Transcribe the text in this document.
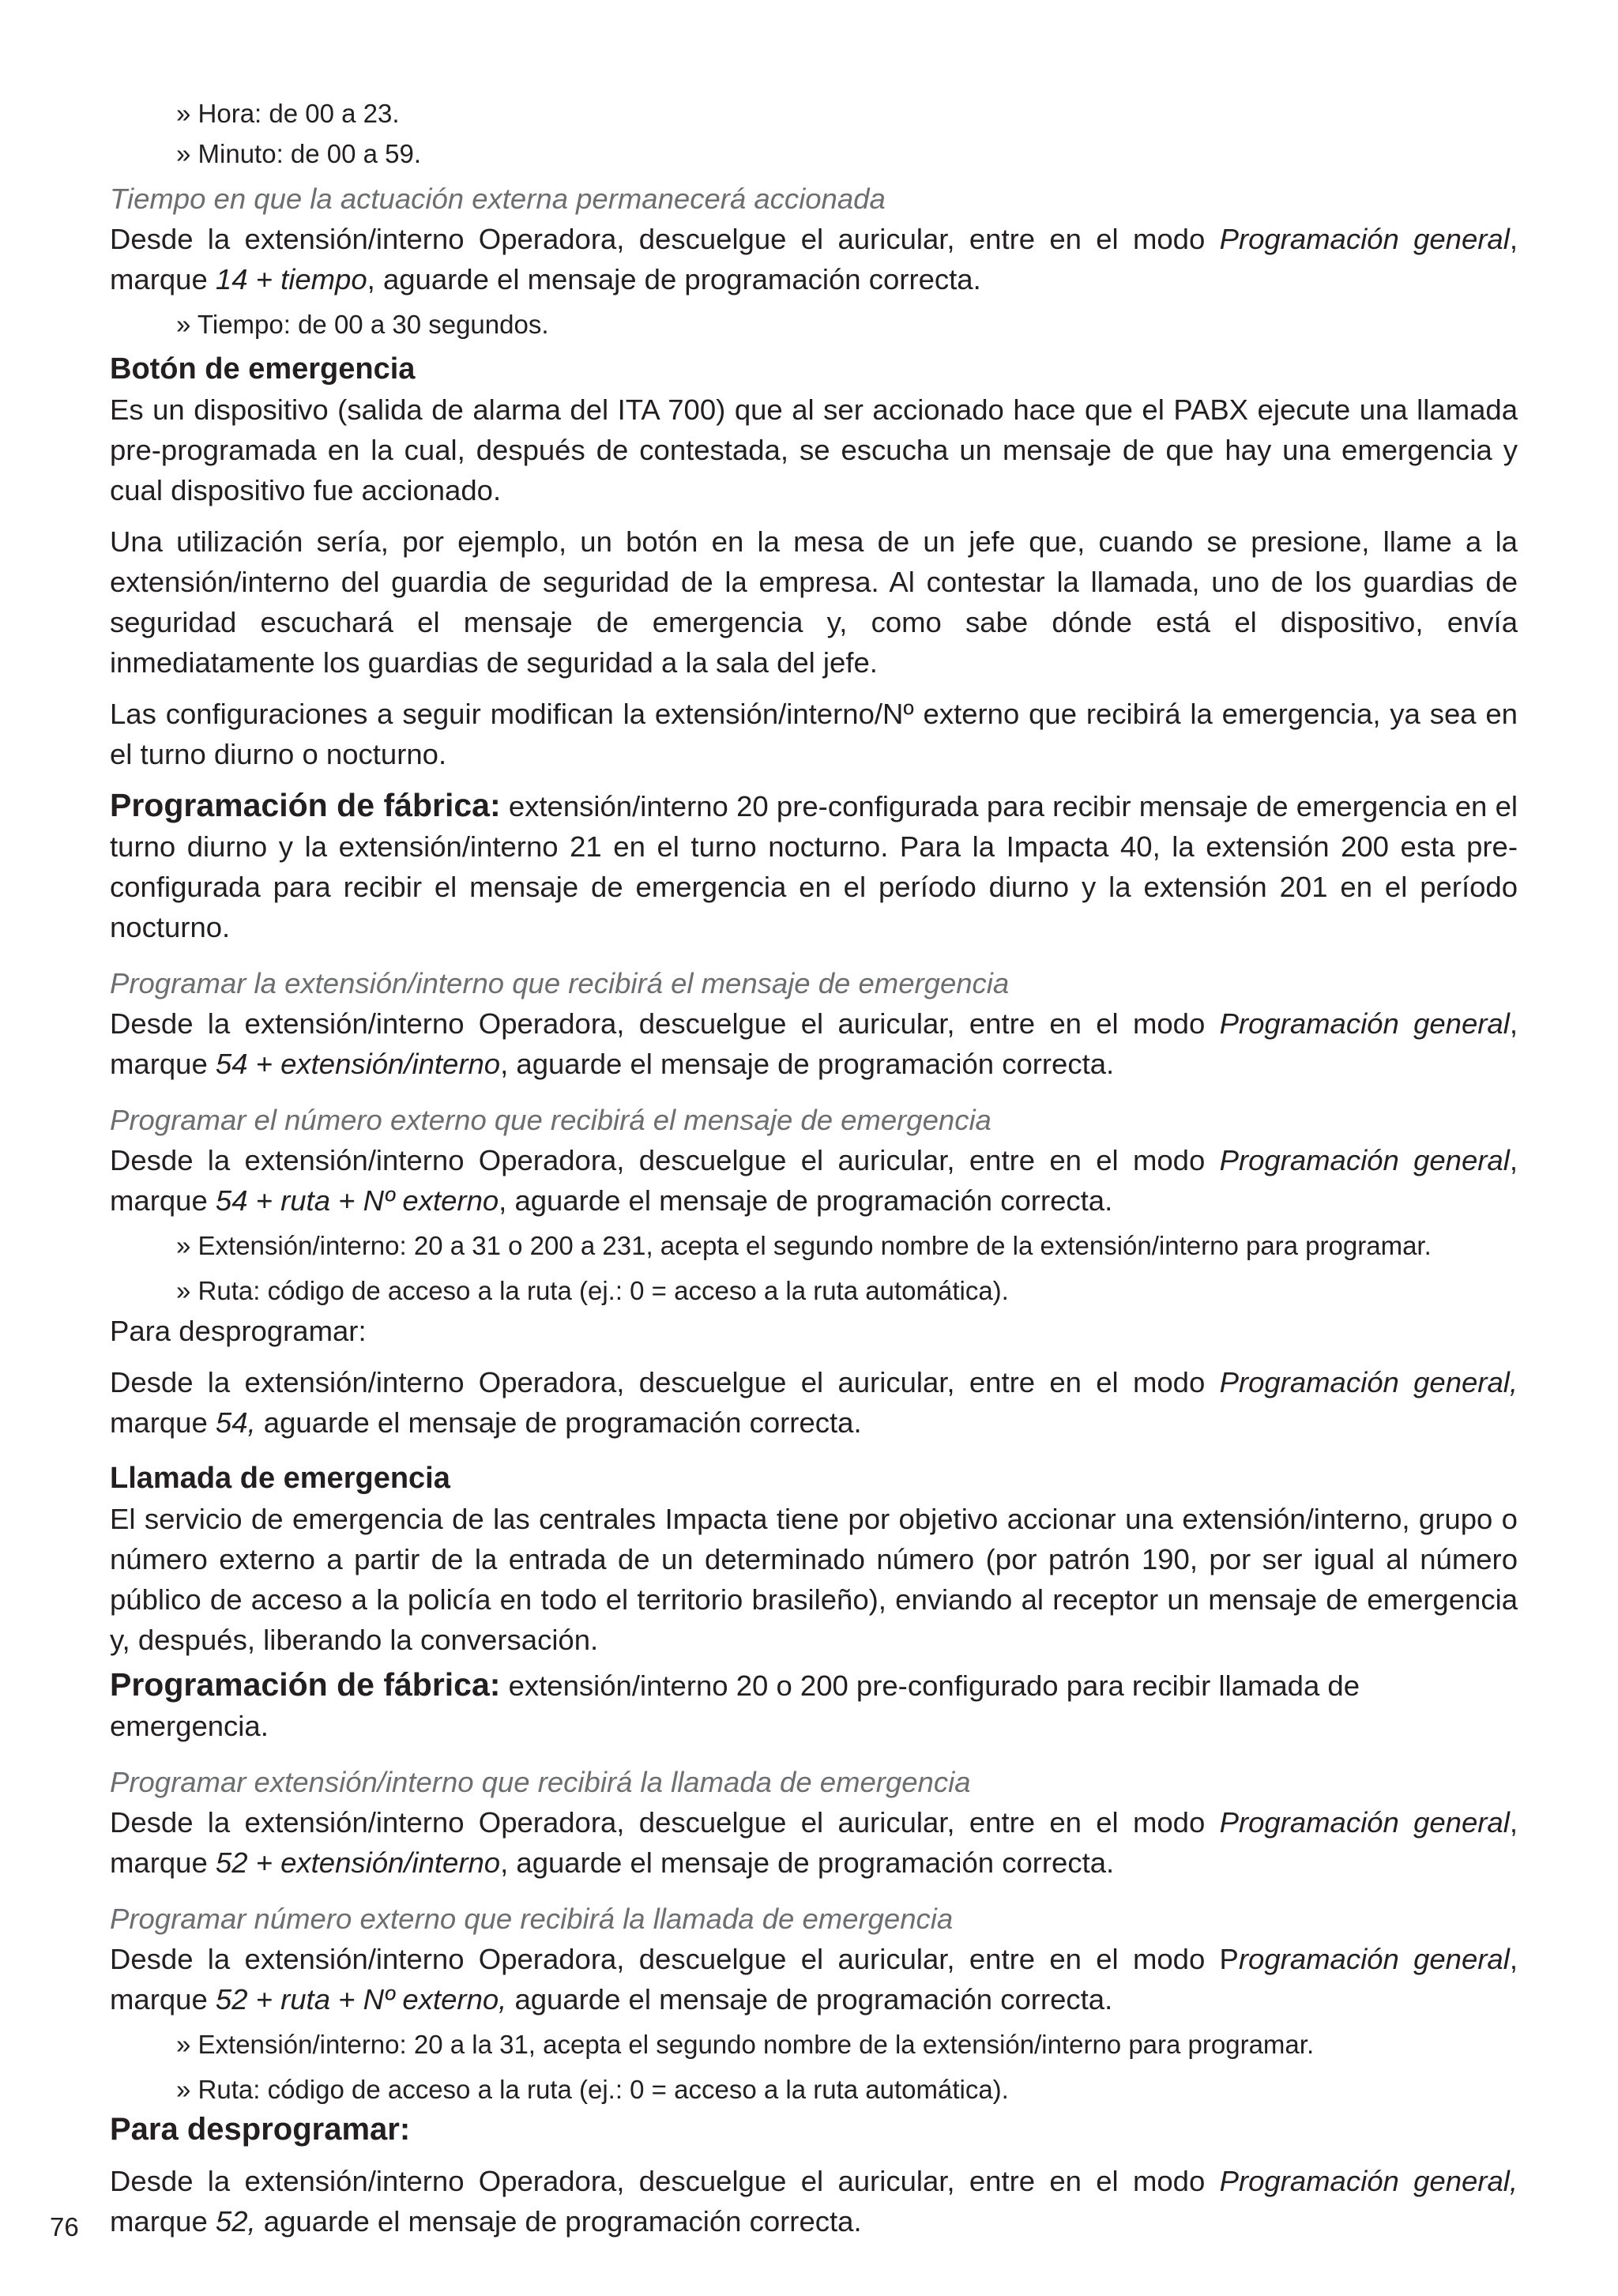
» Hora: de 00 a 23.

» Minuto: de 00 a 59.

Tiempo en que la actuación externa permanecerá accionada

Desde la extensión/interno Operadora, descuelgue el auricular, entre en el modo Programación general, marque 14 + tiempo, aguarde el mensaje de programación correcta.

» Tiempo: de 00 a 30 segundos.

Botón de emergencia

Es un dispositivo (salida de alarma del ITA 700) que al ser accionado hace que el PABX ejecute una llamada pre-programada en la cual, después de contestada, se escucha un mensaje de que hay una emergencia y cual dispositivo fue accionado.

Una utilización sería, por ejemplo, un botón en la mesa de un jefe que, cuando se presione, llame a la extensión/interno del guardia de seguridad de la empresa. Al contestar la llamada, uno de los guardias de seguridad escuchará el mensaje de emergencia y, como sabe dónde está el dispositivo, envía inmediatamente los guardias de seguridad a la sala del jefe.

Las configuraciones a seguir modifican la extensión/interno/Nº externo que recibirá la emergencia, ya sea en el turno diurno o nocturno.

Programación de fábrica: extensión/interno 20 pre-configurada para recibir mensaje de emergencia en el turno diurno y la extensión/interno 21 en el turno nocturno. Para la Impacta 40, la extensión 200 esta pre-configurada para recibir el mensaje de emergencia en el período diurno y la extensión 201 en el período nocturno.

Programar la extensión/interno que recibirá el mensaje de emergencia

Desde la extensión/interno Operadora, descuelgue el auricular, entre en el modo Programación general, marque 54 + extensión/interno, aguarde el mensaje de programación correcta.

Programar el número externo que recibirá el mensaje de emergencia

Desde la extensión/interno Operadora, descuelgue el auricular, entre en el modo Programación general, marque 54 + ruta + Nº externo, aguarde el mensaje de programación correcta.

» Extensión/interno: 20 a 31 o 200 a 231, acepta el segundo nombre de la extensión/interno para programar.

» Ruta: código de acceso a la ruta (ej.: 0 = acceso a la ruta automática).

Para desprogramar:

Desde la extensión/interno Operadora, descuelgue el auricular, entre en el modo Programación general, marque 54, aguarde el mensaje de programación correcta.

Llamada de emergencia

El servicio de emergencia de las centrales Impacta tiene por objetivo accionar una extensión/interno, grupo o número externo a partir de la entrada de un determinado número (por patrón 190, por ser igual al número público de acceso a la policía en todo el territorio brasileño), enviando al receptor un mensaje de emergencia y, después, liberando la conversación.

Programación de fábrica: extensión/interno 20 o 200 pre-configurado para recibir llamada de emergencia.

Programar extensión/interno que recibirá la llamada de emergencia

Desde la extensión/interno Operadora, descuelgue el auricular, entre en el modo Programación general, marque 52 + extensión/interno, aguarde el mensaje de programación correcta.

Programar número externo que recibirá la llamada de emergencia

Desde la extensión/interno Operadora, descuelgue el auricular, entre en el modo Programación general, marque 52 + ruta + Nº externo, aguarde el mensaje de programación correcta.

» Extensión/interno: 20 a la 31, acepta el segundo nombre de la extensión/interno para programar.

» Ruta: código de acceso a la ruta (ej.: 0 = acceso a la ruta automática).

Para desprogramar:

Desde la extensión/interno Operadora, descuelgue el auricular, entre en el modo Programación general, marque 52, aguarde el mensaje de programación correcta.

76
